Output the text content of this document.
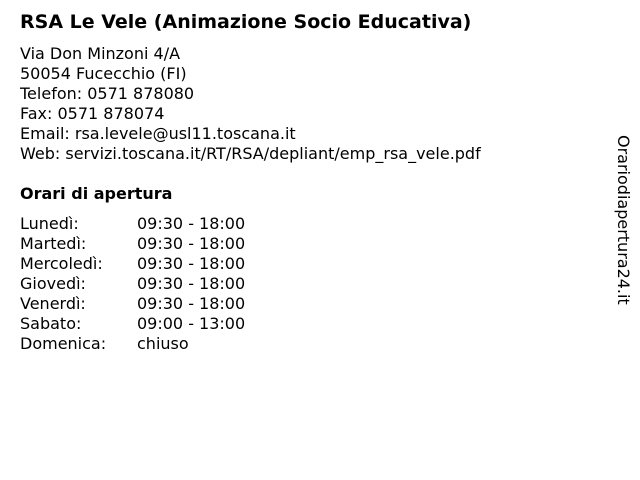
RSA Le Vele (Animazione Socio Educativa)
Via Don Minzoni 4/A
50054 Fucecchio (FI)
Telefon: 0571 878080
Fax: 0571 878074
Email: rsa.levele@usl11.toscana.it
Web: servizi.toscana.it/RT/RSA/depliant/emp_rsa_vele.pdf
Orari di apertura
Lunedì:	09:30 - 18:00
Martedì:	09:30 - 18:00
Mercoledì: 09:30 - 18:00
Giovedì:	09:30 - 18:00
Venerdì:	09:30 - 18:00
Sabato:	09:00 - 13:00
Domenica: chiuso
Orariodiapertura24.it
